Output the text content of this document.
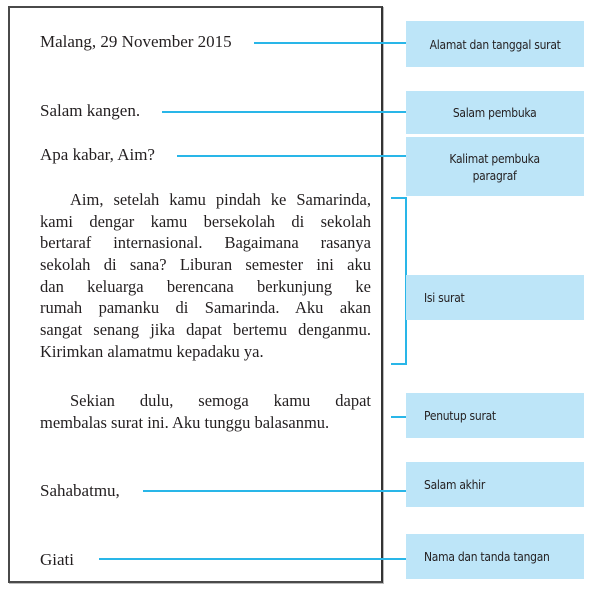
Malang, 29 November 2015
Salam kangen.
Apa kabar, Aim?
Aim, setelah kamu pindah ke Samarinda,
kami dengar kamu bersekolah di sekolah
bertaraf internasional. Bagaimana rasanya
sekolah di sana? Liburan semester ini aku
dan keluarga berencana berkunjung ke
rumah pamanku di Samarinda. Aku akan
sangat senang jika dapat bertemu denganmu.
Kirimkan alamatmu kepadaku ya.
Sekian dulu, semoga kamu dapat
membalas surat ini. Aku tunggu balasanmu.
Sahabatmu,
Giati
Alamat dan tanggal surat
Salam pembuka
Kalimat pembuka
paragraf
Isi surat
Penutup surat
Salam akhir
Nama dan tanda tangan
